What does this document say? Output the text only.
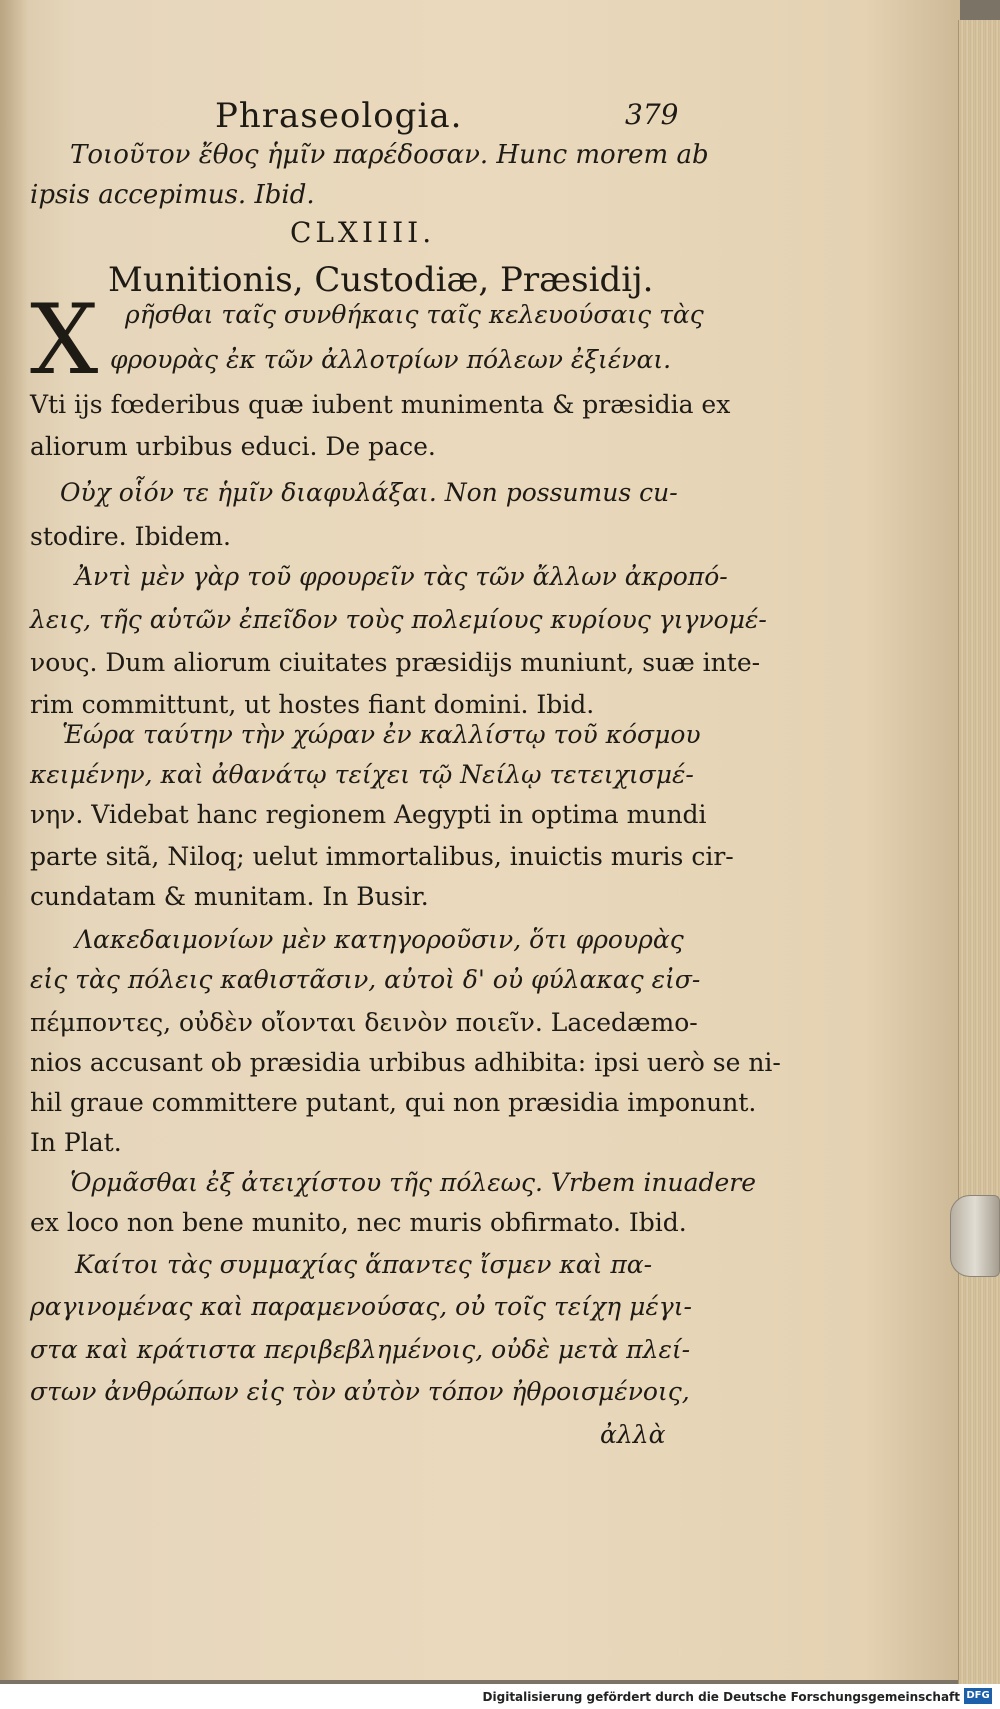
Phraseologia.	379
Τοιοῦτον ἔθος ἡμῖν παρέδοσαν. Hunc morem ab
ipsis accepimus. Ibid.
CLXIIII.
Munitionis, Custodiæ, Præsidij.
X ρῆσθαι ταῖς συνθήκαις ταῖς κελευούσαις τὰς
φρουρὰς ἐκ τῶν ἀλλοτρίων πόλεων ἐξιέναι.
Vti ijs fœderibus quæ iubent munimenta & præsidia ex
aliorum urbibus educi. De pace.
Οὐχ οἷόν τε ἡμῖν διαφυλάξαι. Non possumus cu-
stodire. Ibidem.
Ἀντὶ μὲν γὰρ τοῦ φρουρεῖν τὰς τῶν ἄλλων ἀκροπό-
λεις, τῆς αὑτῶν ἐπεῖδον τοὺς πολεμίους κυρίους γιγνομέ-
νους. Dum aliorum ciuitates præsidijs muniunt, suæ inte-
rim committunt, ut hostes fiant domini. Ibid.
Ἑώρα ταύτην τὴν χώραν ἐν καλλίστῳ τοῦ κόσμου
κειμένην, καὶ ἀθανάτῳ τείχει τῷ Νείλῳ τετειχισμέ-
νην. Videbat hanc regionem Aegypti in optima mundi
parte sitã, Niloq; uelut immortalibus, inuictis muris cir-
cundatam & munitam. In Busir.
Λακεδαιμονίων μὲν κατηγοροῦσιν, ὅτι φρουρὰς
εἰς τὰς πόλεις καθιστᾶσιν, αὐτοὶ δ' οὐ φύλακας εἰσ-
πέμποντες, οὐδὲν οἴονται δεινὸν ποιεῖν. Lacedæmo-
nios accusant ob præsidia urbibus adhibita: ipsi uerò se ni-
hil graue committere putant, qui non præsidia imponunt.
In Plat.
Ὁρμᾶσθαι ἐξ ἀτειχίστου τῆς πόλεως. Vrbem inuadere
ex loco non bene munito, nec muris obfirmato. Ibid.
Καίτοι τὰς συμμαχίας ἅπαντες ἴσμεν καὶ πα-
ραγινομένας καὶ παραμενούσας, οὐ τοῖς τείχη μέγι-
στα καὶ κράτιστα περιβεβλημένοις, οὐδὲ μετὰ πλεί-
στων ἀνθρώπων εἰς τὸν αὐτὸν τόπον ἠθροισμένοις,
ἀλλὰ
Digitalisierung gefördert durch die Deutsche Forschungsgemeinschaft DFG
